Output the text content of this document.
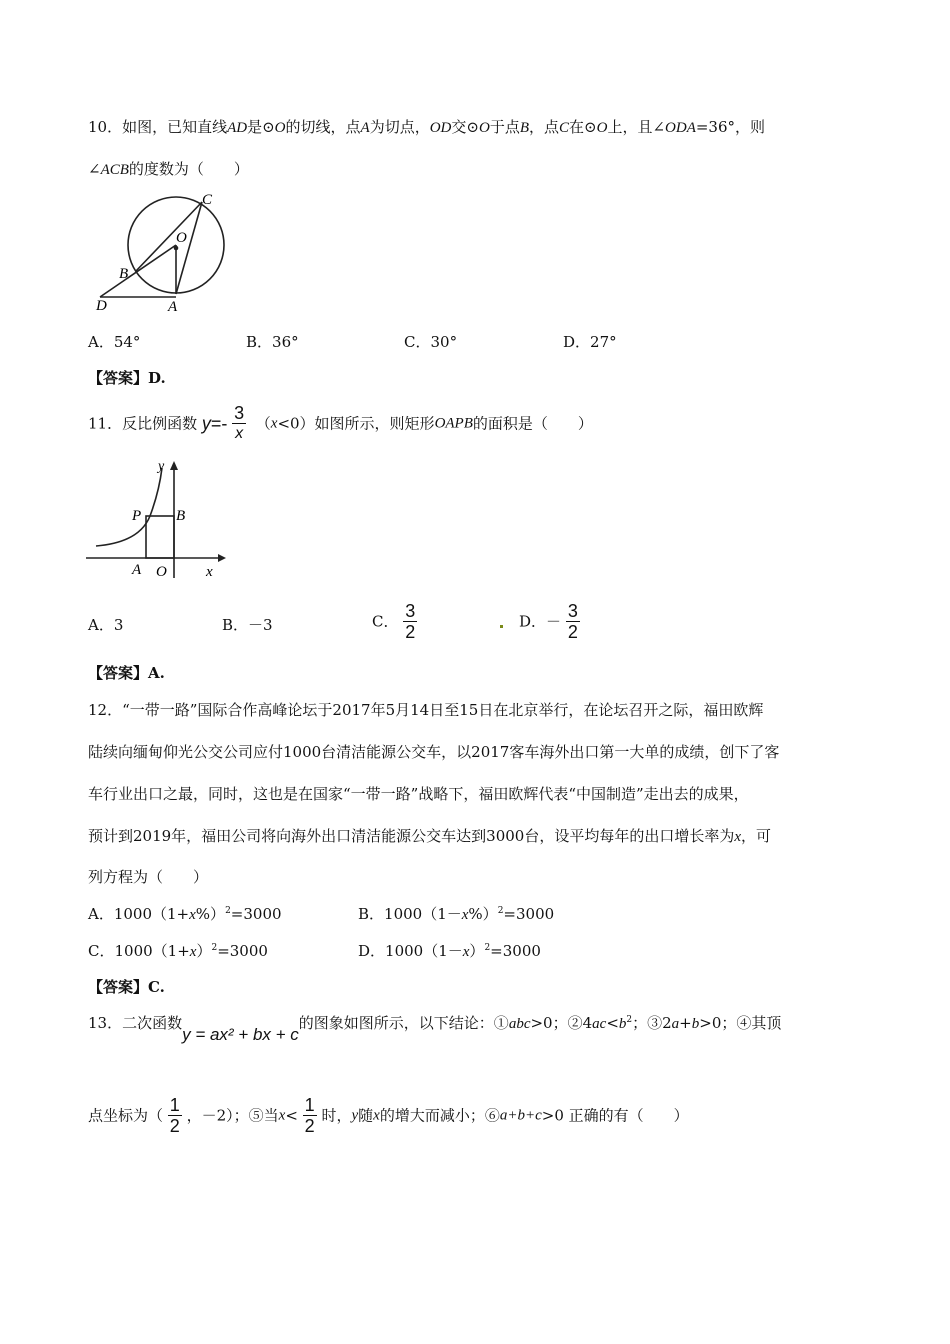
10．如图，已知直线AD是⊙O的切线，点A为切点，OD交⊙O于点B，点C在⊙O上，且∠ODA=36°，则
∠ACB的度数为（　　）
C
O
B
D	A
A．54°	B．36°	C．30°	D．27°
【答案】D.
11．反比例函数 $y=- \frac{3}{x} (x<0)$如图所示，则矩形OAPB的面积是（　　）
y
P B
A O	x
A．3	B．－3	C． $\frac{3}{2}$	D．－ $\frac{3}{2}$
【答案】A.
12．“一带一路”国际合作高峰论坛于2017年5月14日至15日在北京举行，在论坛召开之际，福田欧辉
陆续向缅甸仰光公交公司应付1000台清洁能源公交车，以2017客车海外出口第一大单的成绩，创下了客
车行业出口之最，同时，这也是在国家“一带一路”战略下，福田欧辉代表“中国制造”走出去的成果，
预计到2019年，福田公司将向海外出口清洁能源公交车达到3000台，设平均每年的出口增长率为x，可
列方程为（　　）
A．$1000(1+x\%)^2=3000$	B．$1000(1-x\%)^2=3000$
C．$1000(1+x)^2=3000$	D．$1000(1-x)^2=3000$
【答案】C.
13．二次函数y = ax² + bx + c的图象如图所示，以下结论：①abc>0；$②4ac<b^2$；③2a+b>0；④其顶
点坐标为（ $\frac{1}{2}$ ，－2）；⑤当$x< \frac{1}{2}$ 时，y随x的增大而减小；⑥a+b+c>0 正确的有（　　）
